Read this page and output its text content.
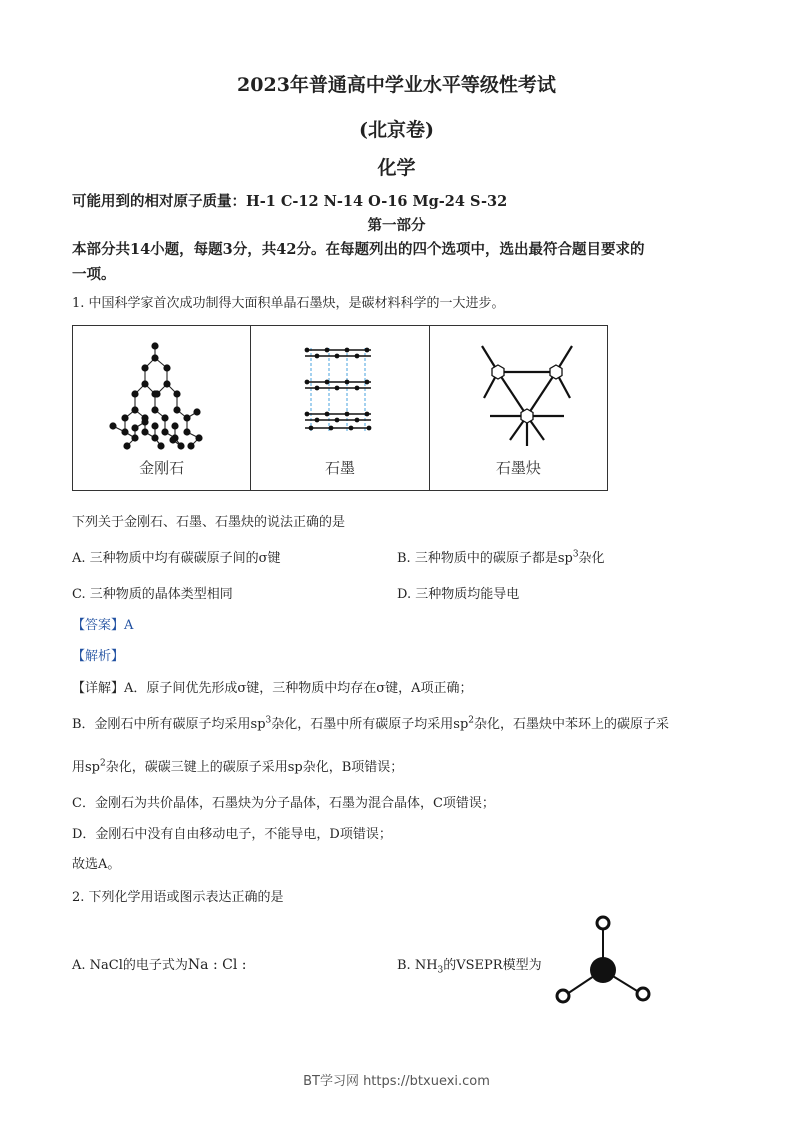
2023年普通高中学业水平等级性考试
(北京卷)
化学
可能用到的相对原子质量：H-1 C-12 N-14 O-16 Mg-24 S-32
第一部分
本部分共14小题，每题3分，共42分。在每题列出的四个选项中，选出最符合题目要求的
一项。
1. 中国科学家首次成功制得大面积单晶石墨炔，是碳材料科学的一大进步。
金刚石	石墨	石墨炔
下列关于金刚石、石墨、石墨炔的说法正确的是
A. 三种物质中均有碳碳原子间的σ键	B. 三种物质中的碳原子都是$sp^3$杂化
C. 三种物质的晶体类型相同	D. 三种物质均能导电
【答案】A
【解析】
【详解】A．原子间优先形成σ键，三种物质中均存在σ键，A项正确；
B．金刚石中所有碳原子均采用$sp^3$杂化，石墨中所有碳原子均采用$sp^2$杂化，石墨炔中苯环上的碳原子采
用$sp^2$杂化，碳碳三键上的碳原子采用sp杂化，B项错误；
C．金刚石为共价晶体，石墨炔为分子晶体，石墨为混合晶体，C项错误；
D．金刚石中没有自由移动电子，不能导电，D项错误；
故选A。
2. 下列化学用语或图示表达正确的是
A. NaCl的电子式为Na : Cl :	B. $NH_3$的VSEPR模型为
BT学习网 https://btxuexi.com
